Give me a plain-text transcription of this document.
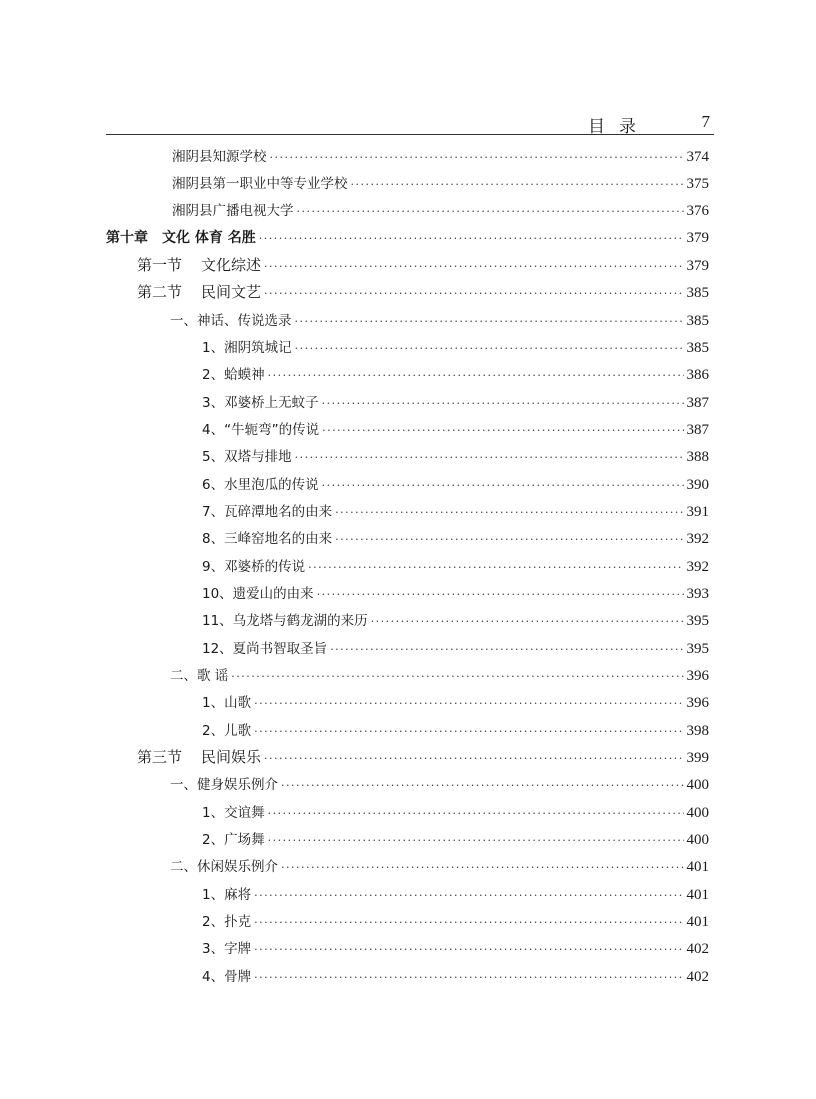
目录	7
湘阴县知源学校 ·····	374
湘阴县第一职业中等专业学校 ·····	375
湘阴县广播电视大学 ·····	376
第十章　文化 体育 名胜 ·····	379
第一节 文化综述 ·····	379
第二节 民间文艺 ·····	385
一、神话、传说选录 ·····	385
1、湘阴筑城记 ·····	385
2、蛤蟆神 ·····	386
3、邓婆桥上无蚊子 ·····	387
4、“牛轭弯”的传说 ·····	387
5、双塔与排地 ·····	388
6、水里泡瓜的传说 ·····	390
7、瓦碎潭地名的由来 ·····	391
8、三峰窑地名的由来 ·····	392
9、邓婆桥的传说 ·····	392
10、遗爱山的由来 ·····	393
11、乌龙塔与鹤龙湖的来历 ·····	395
12、夏尚书智取圣旨 ·····	395
二、歌 谣 ·····	396
1、山歌 ·····	396
2、儿歌 ·····	398
第三节 民间娱乐 ·····	399
一、健身娱乐例介 ·····	400
1、交谊舞 ·····	400
2、广场舞 ·····	400
二、休闲娱乐例介 ·····	401
1、麻将 ·····	401
2、扑克 ·····	401
3、字牌 ·····	402
4、骨牌 ·····	402
